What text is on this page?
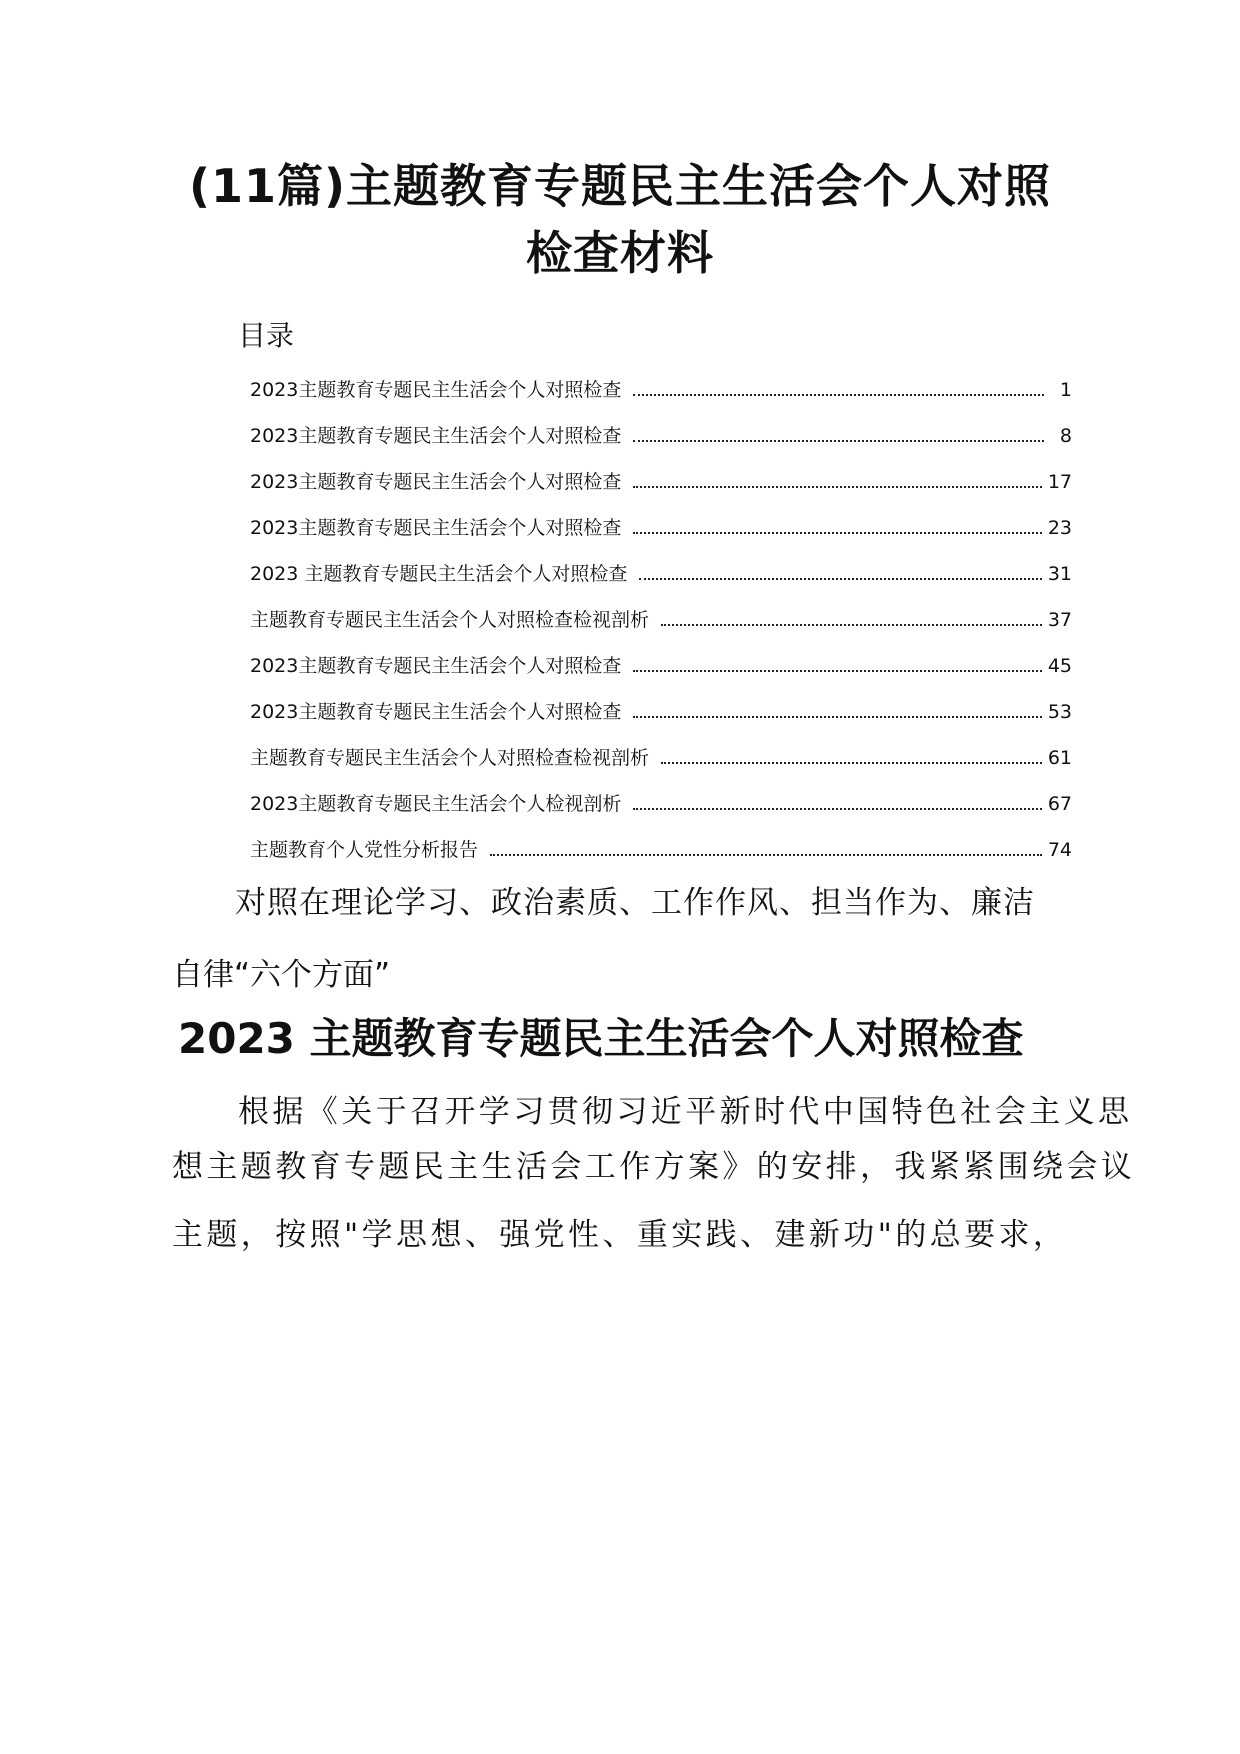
(11篇)主题教育专题民主生活会个人对照
检查材料
目录
2023主题教育专题民主生活会个人对照检查	1
2023主题教育专题民主生活会个人对照检查	8
2023主题教育专题民主生活会个人对照检查	17
2023主题教育专题民主生活会个人对照检查	23
2023 主题教育专题民主生活会个人对照检查	31
主题教育专题民主生活会个人对照检查检视剖析	37
2023主题教育专题民主生活会个人对照检查	45
2023主题教育专题民主生活会个人对照检查	53
主题教育专题民主生活会个人对照检查检视剖析	61
2023主题教育专题民主生活会个人检视剖析	67
主题教育个人党性分析报告	74
对照在理论学习、政治素质、工作作风、担当作为、廉洁
自律“六个方面”
2023 主题教育专题民主生活会个人对照检查
根据《关于召开学习贯彻习近平新时代中国特色社会主义思
想主题教育专题民主生活会工作方案》的安排，我紧紧围绕会议
主题，按照"学思想、强党性、重实践、建新功"的总要求，
